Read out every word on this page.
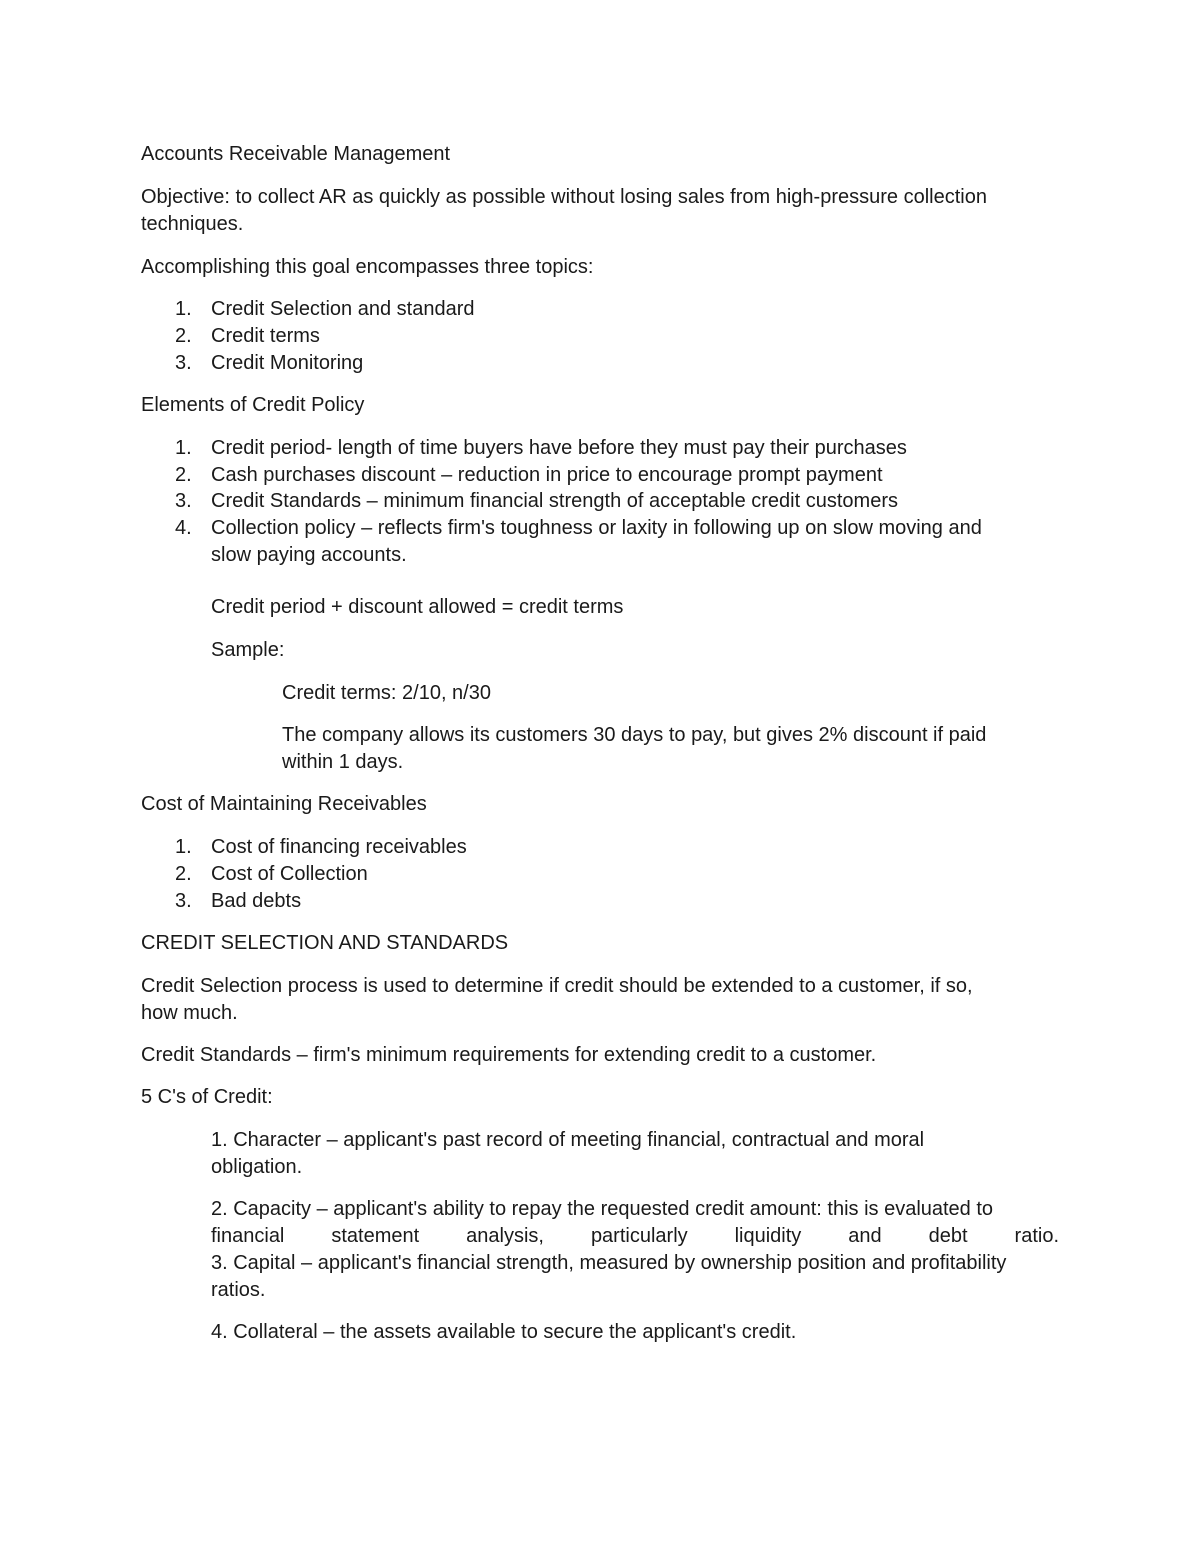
Accounts Receivable Management

Objective: to collect AR as quickly as possible without losing sales from high-pressure collection

techniques.

Accomplishing this goal encompasses three topics:

1. Credit Selection and standard
2. Credit terms
3. Credit Monitoring

Elements of Credit Policy

1. Credit period- length of time buyers have before they must pay their purchases
2. Cash purchases discount – reduction in price to encourage prompt payment
3. Credit Standards – minimum financial strength of acceptable credit customers
4. Collection policy – reflects firm's toughness or laxity in following up on slow moving and
slow paying accounts.

Credit period + discount allowed = credit terms

Sample:

Credit terms: 2/10, n/30

The company allows its customers 30 days to pay, but gives 2% discount if paid

within 1 days.

Cost of Maintaining Receivables

1. Cost of financing receivables
2. Cost of Collection
3. Bad debts

CREDIT SELECTION AND STANDARDS

Credit Selection process is used to determine if credit should be extended to a customer, if so,

how much.

Credit Standards – firm's minimum requirements for extending credit to a customer.

5 C's of Credit:

1. Character – applicant's past record of meeting financial, contractual and moral

obligation.

2. Capacity – applicant's ability to repay the requested credit amount: this is evaluated to

financial statement analysis, particularly liquidity and debt ratio.

3. Capital – applicant's financial strength, measured by ownership position and profitability

ratios.

4. Collateral – the assets available to secure the applicant's credit.
